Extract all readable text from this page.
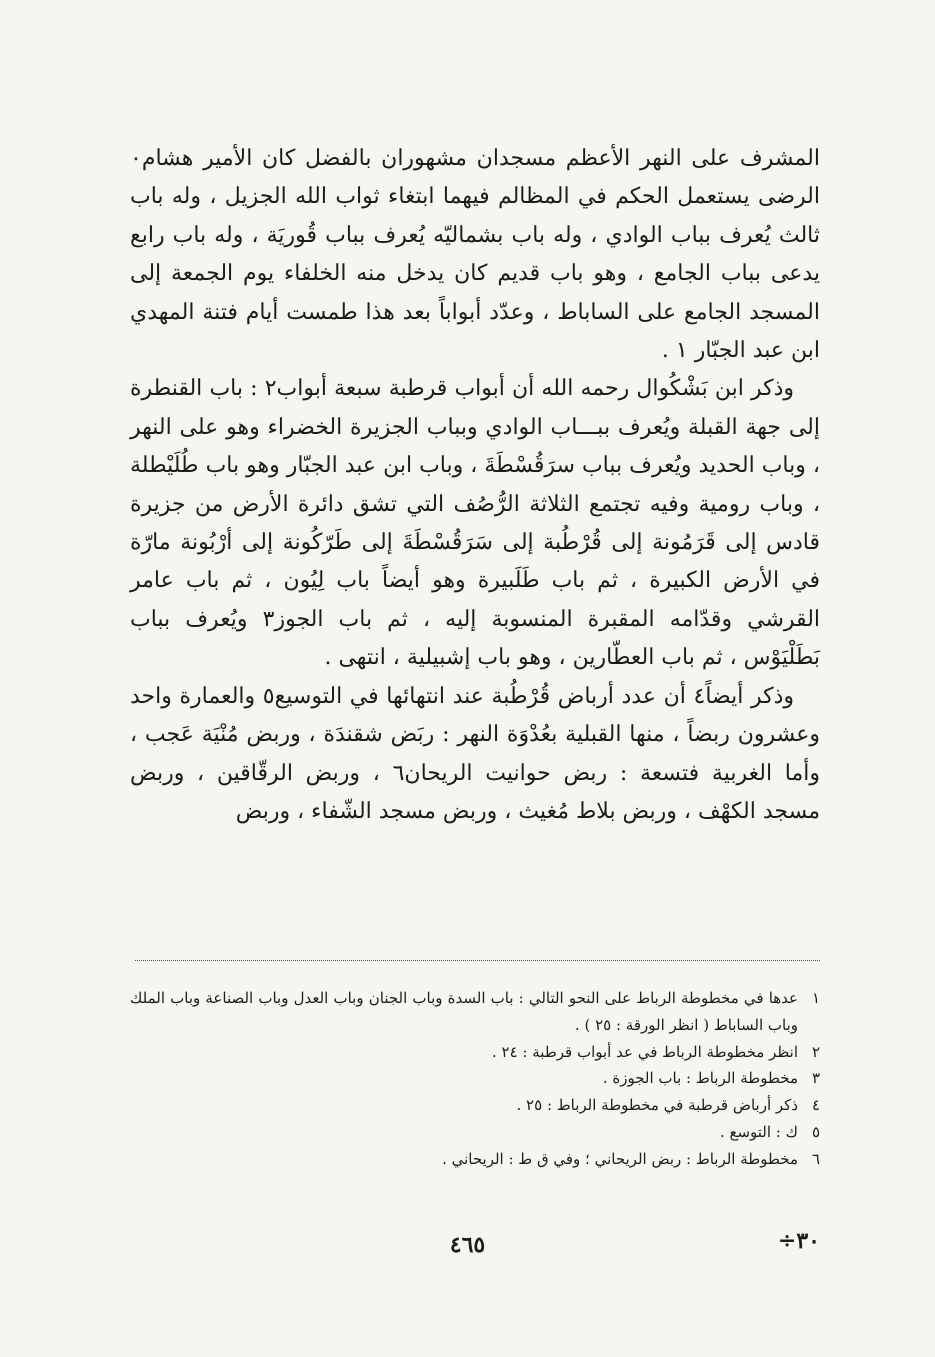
المشرف على النهر الأعظم مسجدان مشهوران بالفضل كان الأمير هشام٠ الرضى يستعمل الحكم في المظالم فيهما ابتغاء ثواب الله الجزيل ، وله باب ثالث يُعرف بباب الوادي ، وله باب بشماليّه يُعرف بباب قُوريَة ، وله باب رابع يدعى بباب الجامع ، وهو باب قديم كان يدخل منه الخلفاء يوم الجمعة إلى المسجد الجامع على الساباط ، وعدّد أبواباً بعد هذا طمست أيام فتنة المهدي ابن عبد الجبّار ١ .

وذكر ابن بَشْكُوال رحمه الله أن أبواب قرطبة سبعة أبواب٢ : باب القنطرة إلى جهة القبلة ويُعرف ببـــاب الوادي وبباب الجزيرة الخضراء وهو على النهر ، وباب الحديد ويُعرف بباب سرَقُسْطَةَ ، وباب ابن عبد الجبّار وهو باب طُلَيْطلة ، وباب رومية وفيه تجتمع الثلاثة الرُّصُف التي تشق دائرة الأرض من جزيرة قادس إلى قَرَمُونة إلى قُرْطُبة إلى سَرَقُسْطَةَ إلى طَرّكُونة إلى أرْبُونة مارّة في الأرض الكبيرة ، ثم باب طَلَبيرة وهو أيضاً باب لِيُون ، ثم باب عامر القرشي وقدّامه المقبرة المنسوبة إليه ، ثم باب الجوز٣ ويُعرف بباب بَطَلْيَوْس ، ثم باب العطّارين ، وهو باب إشبيلية ، انتهى .

وذكر أيضاً٤ أن عدد أرباض قُرْطُبة عند انتهائها في التوسيع٥ والعمارة واحد وعشرون ربضاً ، منها القبلية بعُدْوَة النهر : ربَض شقندَة ، وربض مُنْيَة عَجب ، وأما الغربية فتسعة : ربض حوانيت الريحان٦ ، وربض الرقّاقين ، وربض مسجد الكهْف ، وربض بلاط مُغيث ، وربض مسجد الشّفاء ، وربض

١
عدها في مخطوطة الرباط على النحو التالي : باب السدة وباب الجنان وباب العدل وباب الصناعة وباب الملك وباب الساباط ( انظر الورقة : ٢٥ ) .
٢
انظر مخطوطة الرباط في عد أبواب قرطبة : ٢٤ .
٣
مخطوطة الرباط : باب الجوزة .
٤
ذكر أرباض قرطبة في مخطوطة الرباط : ٢٥ .
٥
ك : التوسع .
٦
مخطوطة الرباط : ربض الريحاني ؛ وفي ق ط : الريحاني .
٣٠÷
٤٦٥
